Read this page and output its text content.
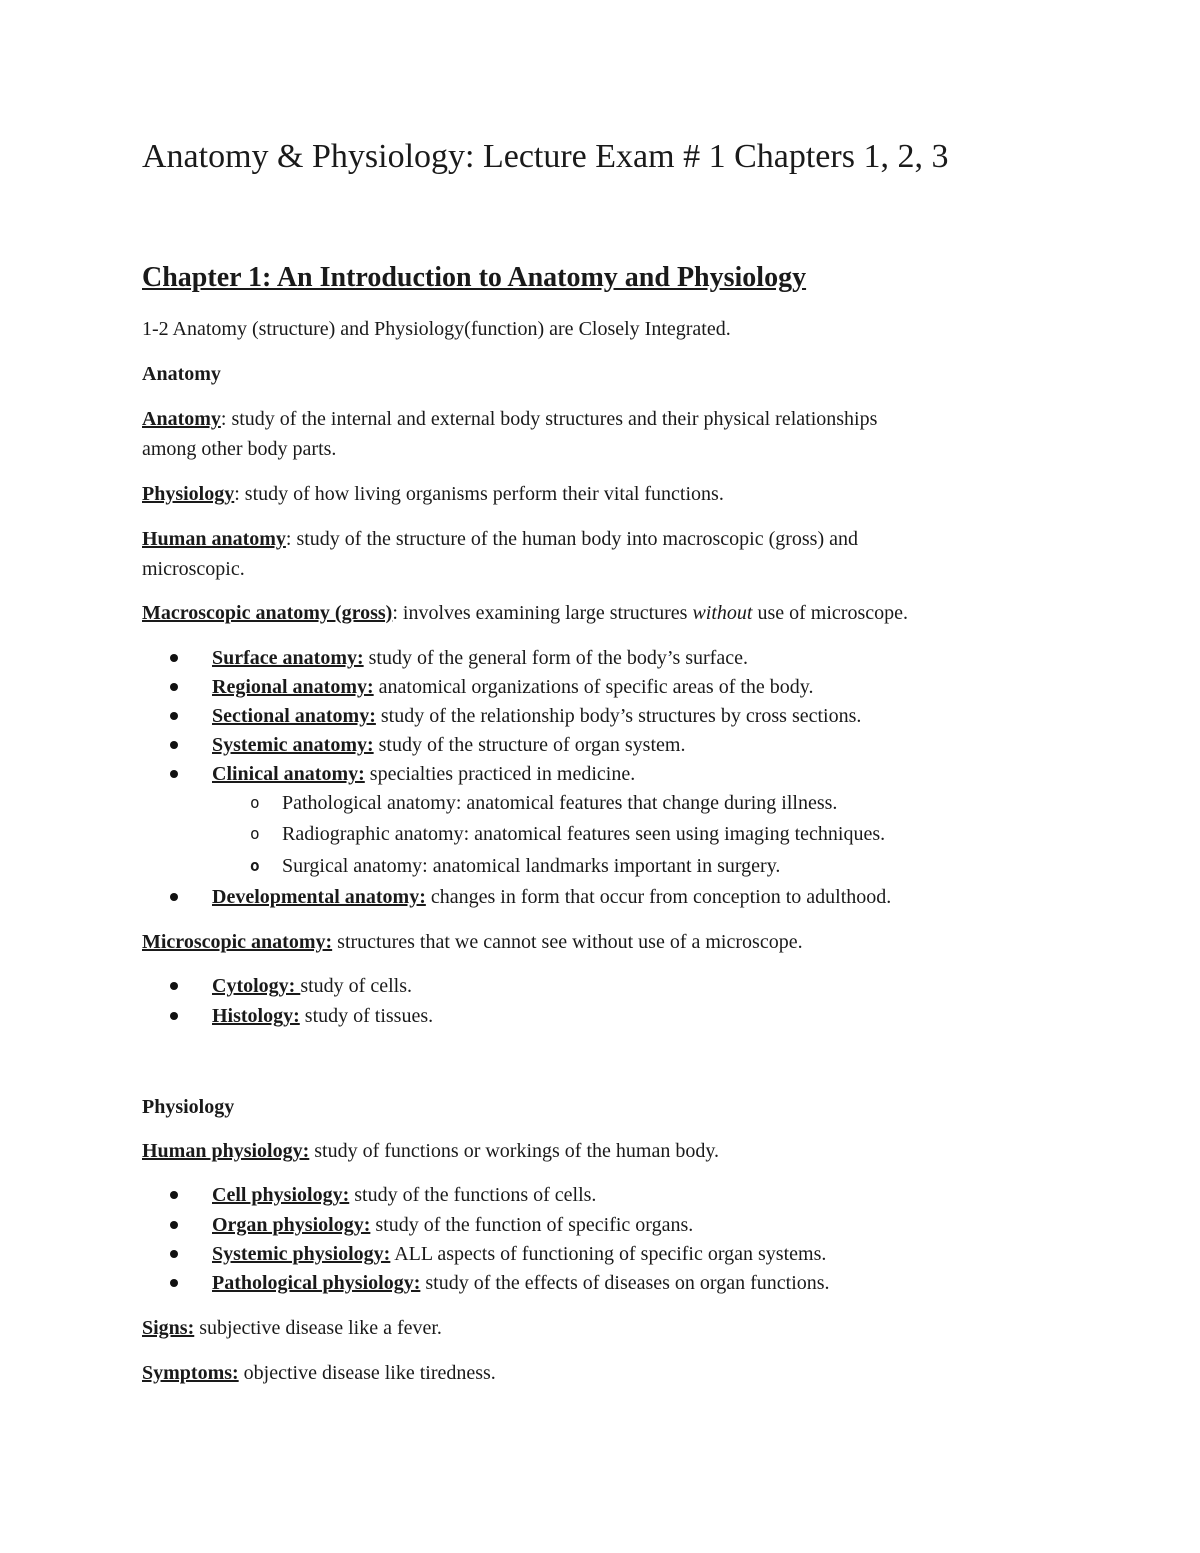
Anatomy & Physiology: Lecture Exam # 1 Chapters 1, 2, 3
Chapter 1: An Introduction to Anatomy and Physiology
1-2 Anatomy (structure) and Physiology(function) are Closely Integrated.
Anatomy
Anatomy: study of the internal and external body structures and their physical relationships
among other body parts.
Physiology: study of how living organisms perform their vital functions.
Human anatomy: study of the structure of the human body into macroscopic (gross) and
microscopic.
Macroscopic anatomy (gross): involves examining large structures without use of microscope.
Surface anatomy: study of the general form of the body’s surface.
Regional anatomy: anatomical organizations of specific areas of the body.
Sectional anatomy: study of the relationship body’s structures by cross sections.
Systemic anatomy: study of the structure of organ system.
Clinical anatomy: specialties practiced in medicine.
o Pathological anatomy: anatomical features that change during illness.
o Radiographic anatomy: anatomical features seen using imaging techniques.
o Surgical anatomy: anatomical landmarks important in surgery.
Developmental anatomy: changes in form that occur from conception to adulthood.
Microscopic anatomy: structures that we cannot see without use of a microscope.
Cytology: study of cells.
Histology: study of tissues.
Physiology
Human physiology: study of functions or workings of the human body.
Cell physiology: study of the functions of cells.
Organ physiology: study of the function of specific organs.
Systemic physiology: ALL aspects of functioning of specific organ systems.
Pathological physiology: study of the effects of diseases on organ functions.
Signs: subjective disease like a fever.
Symptoms: objective disease like tiredness.
